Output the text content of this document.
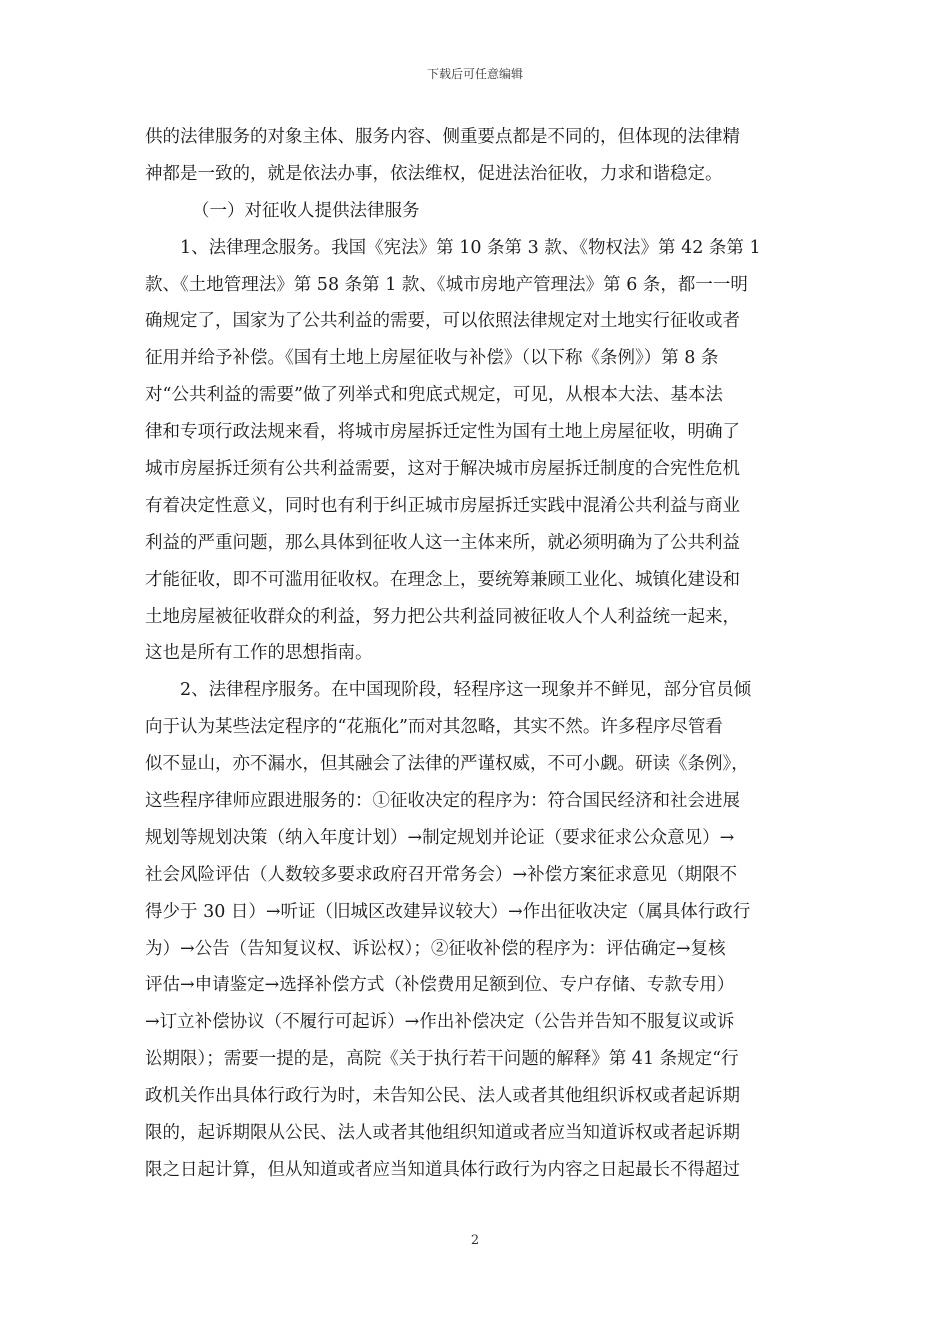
下载后可任意编辑
供的法律服务的对象主体、服务内容、侧重要点都是不同的，但体现的法律精
神都是一致的，就是依法办事，依法维权，促进法治征收，力求和谐稳定。
（一）对征收人提供法律服务
1、法律理念服务。我国《宪法》第 10 条第 3 款、《物权法》第 42 条第 1
款、《土地管理法》第 58 条第 1 款、《城市房地产管理法》第 6 条，都一一明
确规定了，国家为了公共利益的需要，可以依照法律规定对土地实行征收或者
征用并给予补偿。《国有土地上房屋征收与补偿》（以下称《条例》）第 8 条
对“公共利益的需要”做了列举式和兜底式规定，可见，从根本大法、基本法
律和专项行政法规来看，将城市房屋拆迁定性为国有土地上房屋征收，明确了
城市房屋拆迁须有公共利益需要，这对于解决城市房屋拆迁制度的合宪性危机
有着决定性意义，同时也有利于纠正城市房屋拆迁实践中混淆公共利益与商业
利益的严重问题，那么具体到征收人这一主体来所，就必须明确为了公共利益
才能征收，即不可滥用征收权。在理念上，要统筹兼顾工业化、城镇化建设和
土地房屋被征收群众的利益，努力把公共利益同被征收人个人利益统一起来，
这也是所有工作的思想指南。
2、法律程序服务。在中国现阶段，轻程序这一现象并不鲜见，部分官员倾
向于认为某些法定程序的“花瓶化”而对其忽略，其实不然。许多程序尽管看
似不显山，亦不漏水，但其融会了法律的严谨权威，不可小觑。研读《条例》，
这些程序律师应跟进服务的：①征收决定的程序为：符合国民经济和社会进展
规划等规划决策（纳入年度计划）→制定规划并论证（要求征求公众意见）→
社会风险评估（人数较多要求政府召开常务会）→补偿方案征求意见（期限不
得少于 30 日）→听证（旧城区改建异议较大）→作出征收决定（属具体行政行
为）→公告（告知复议权、诉讼权）；②征收补偿的程序为：评估确定→复核
评估→申请鉴定→选择补偿方式（补偿费用足额到位、专户存储、专款专用）
→订立补偿协议（不履行可起诉）→作出补偿决定（公告并告知不服复议或诉
讼期限）；需要一提的是，高院《关于执行若干问题的解释》第 41 条规定“行
政机关作出具体行政行为时，未告知公民、法人或者其他组织诉权或者起诉期
限的，起诉期限从公民、法人或者其他组织知道或者应当知道诉权或者起诉期
限之日起计算，但从知道或者应当知道具体行政行为内容之日起最长不得超过
2
